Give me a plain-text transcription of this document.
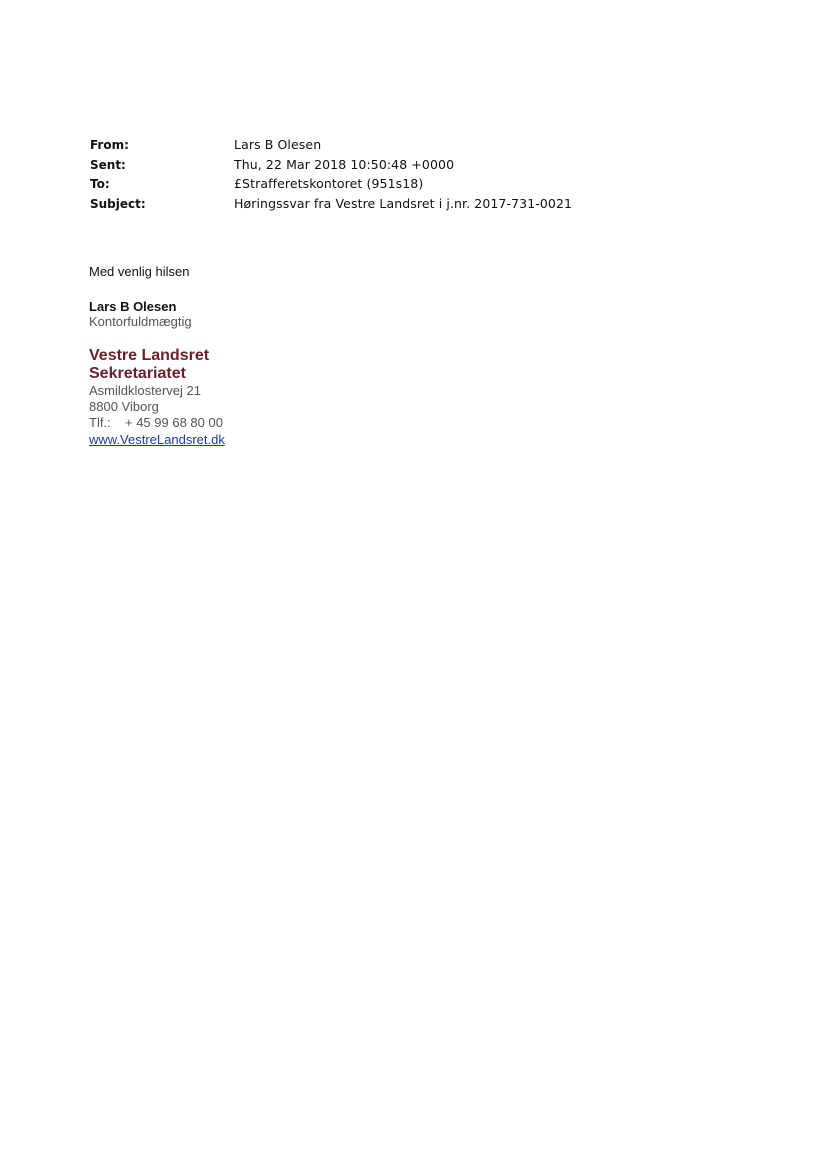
From:	Lars B Olesen
Sent:	Thu, 22 Mar 2018 10:50:48 +0000
To:	£Strafferetskontoret (951s18)
Subject:	Høringssvar fra Vestre Landsret i j.nr. 2017-731-0021

Med venlig hilsen

Lars B Olesen
Kontorfuldmægtig
Vestre Landsret
Sekretariatet
Asmildklostervej 21
8800 Viborg
Tlf.:	+ 45 99 68 80 00
www.VestreLandsret.dk
